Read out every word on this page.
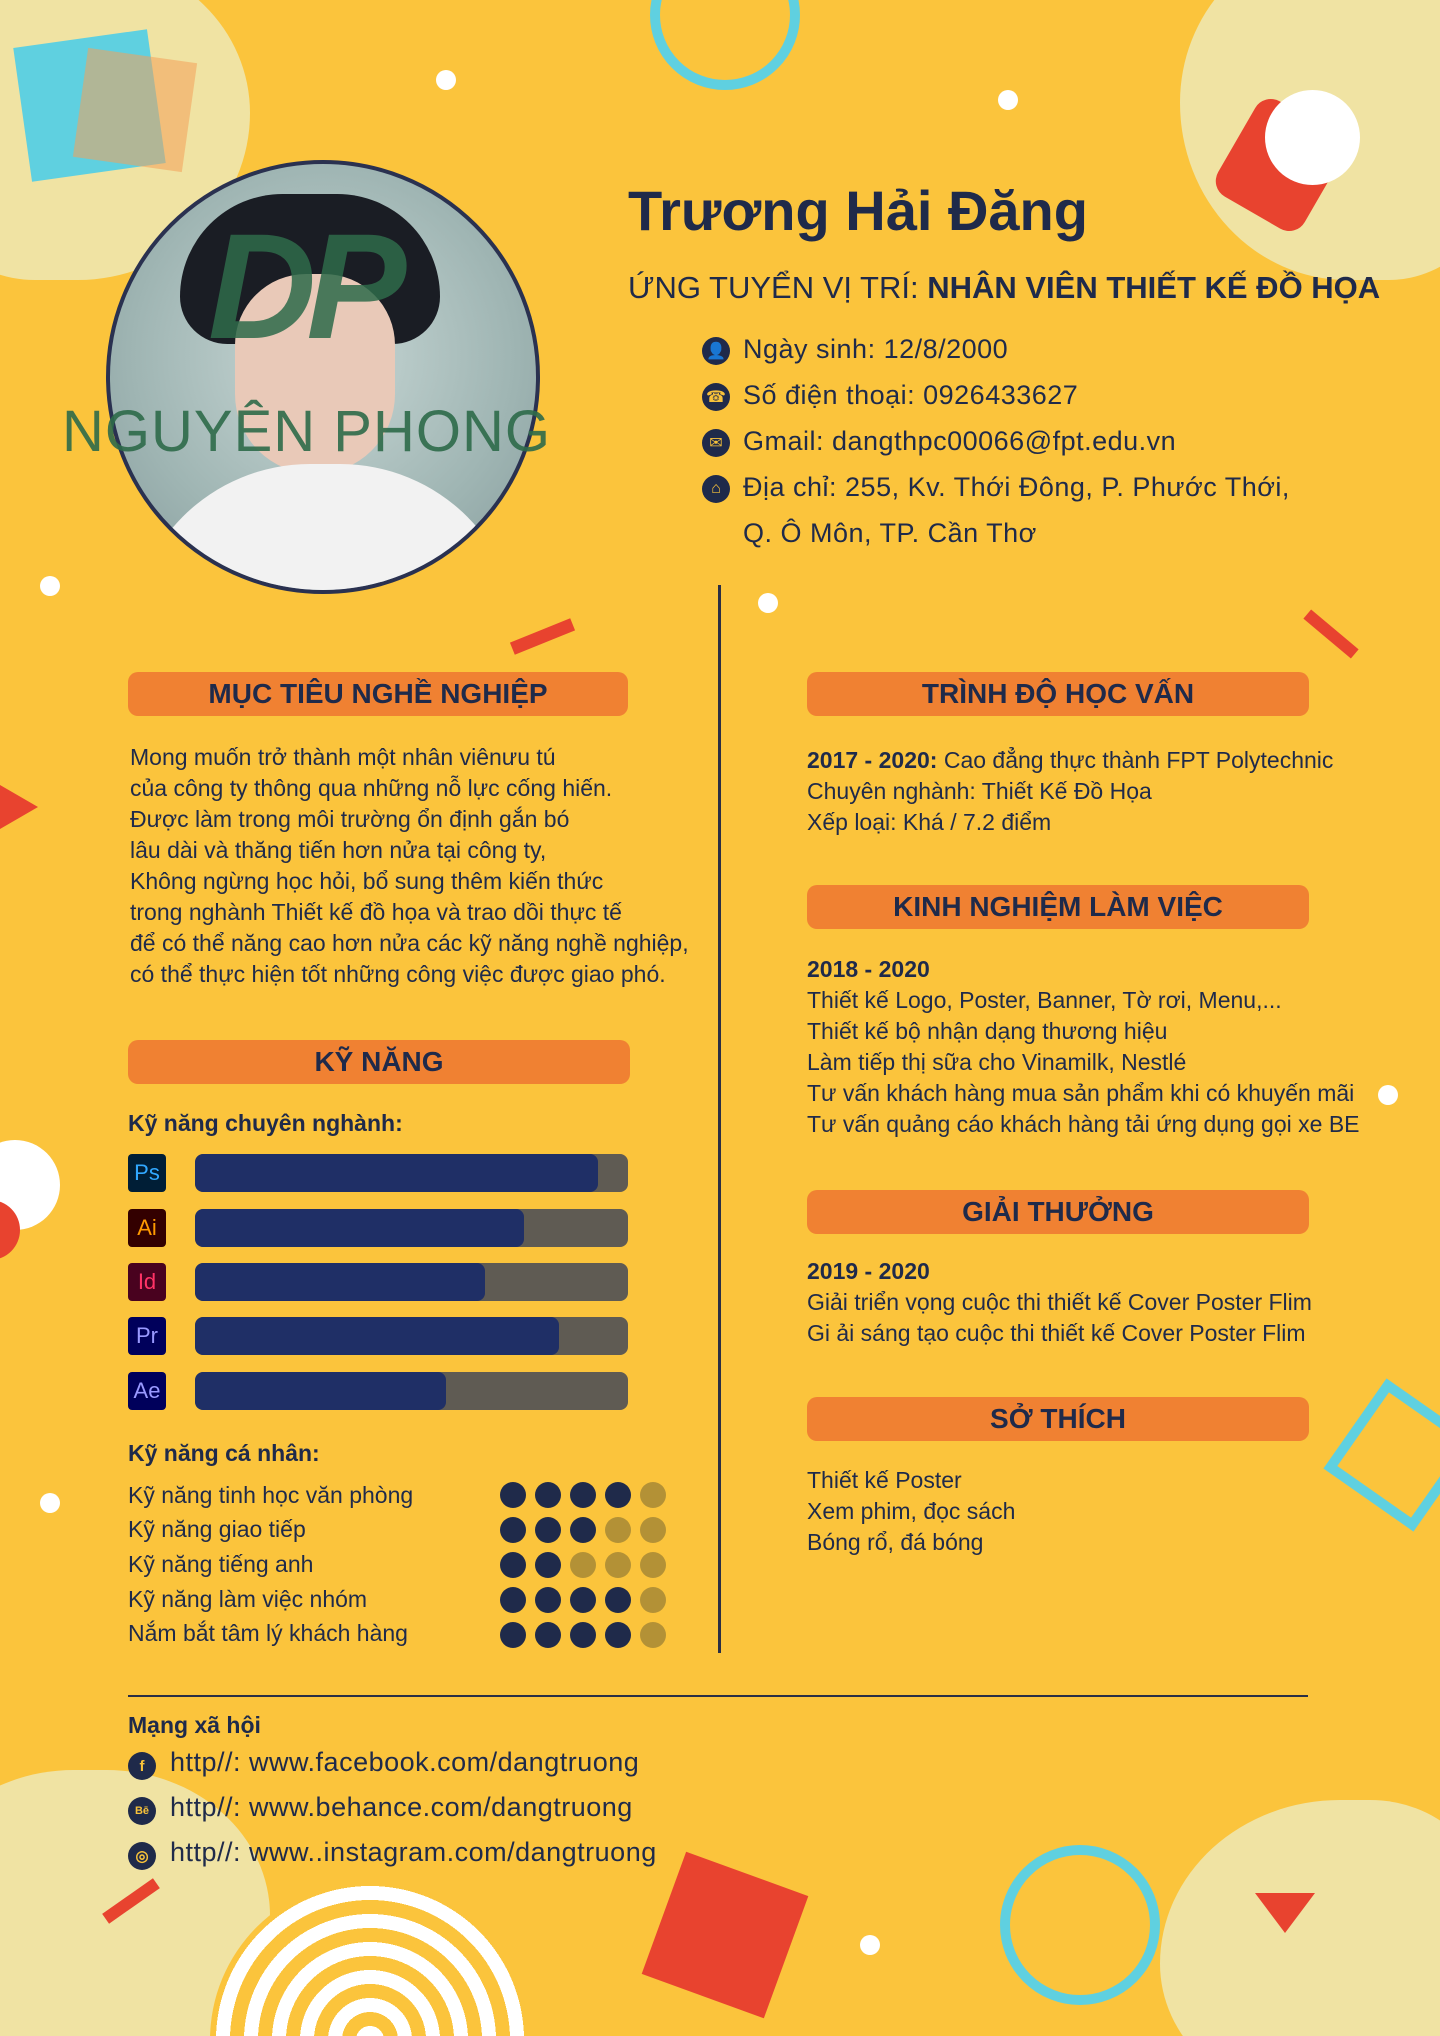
DP
NGUYÊN PHONG
Trương Hải Đăng
ỨNG TUYỂN VỊ TRÍ: NHÂN VIÊN THIẾT KẾ ĐỒ HỌA
👤 Ngày sinh: 12/8/2000
☎ Số điện thoại: 0926433627
✉ Gmail: dangthpc00066@fpt.edu.vn
⌂ Địa chỉ: 255, Kv. Thới Đông, P. Phước Thới,
Q. Ô Môn, TP. Cần Thơ
MỤC TIÊU NGHỀ NGHIỆP
Mong muốn trở thành một nhân viênưu tú
của công ty thông qua những nỗ lực cống hiến.
Được làm trong môi trường ổn định gắn bó
lâu dài và thăng tiến hơn nửa tại công ty,
Không ngừng học hỏi, bổ sung thêm kiến thức
trong nghành Thiết kế đồ họa và trao dồi thực tế
để có thể năng cao hơn nửa các kỹ năng nghề nghiệp,
có thể thực hiện tốt những công việc được giao phó.
KỸ NĂNG
Kỹ năng chuyên nghành:
Ps
Ai
Id
Pr
Ae
Kỹ năng cá nhân:
Kỹ năng tinh học văn phòng
Kỹ năng giao tiếp
Kỹ năng tiếng anh
Kỹ năng làm việc nhóm
Nắm bắt tâm lý khách hàng
TRÌNH ĐỘ HỌC VẤN
2017 - 2020: Cao đẳng thực thành FPT Polytechnic
Chuyên nghành: Thiết Kế Đồ Họa
Xếp loại: Khá / 7.2 điểm
KINH NGHIỆM LÀM VIỆC
2018 - 2020
Thiết kế Logo, Poster, Banner, Tờ rơi, Menu,...
Thiết kế bộ nhận dạng thương hiệu
Làm tiếp thị sữa cho Vinamilk, Nestlé
Tư vấn khách hàng mua sản phẩm khi có khuyến mãi
Tư vấn quảng cáo khách hàng tải ứng dụng gọi xe BE
GIẢI THƯỞNG
2019 - 2020
Giải triển vọng cuộc thi thiết kế Cover Poster Flim
Gi ải sáng tạo cuộc thi thiết kế Cover Poster Flim
SỞ THÍCH
Thiết kế Poster
Xem phim, đọc sách
Bóng rổ, đá bóng
Mạng xã hội
f http//: www.facebook.com/dangtruong
Bē http//: www.behance.com/dangtruong
◎ http//: www..instagram.com/dangtruong
